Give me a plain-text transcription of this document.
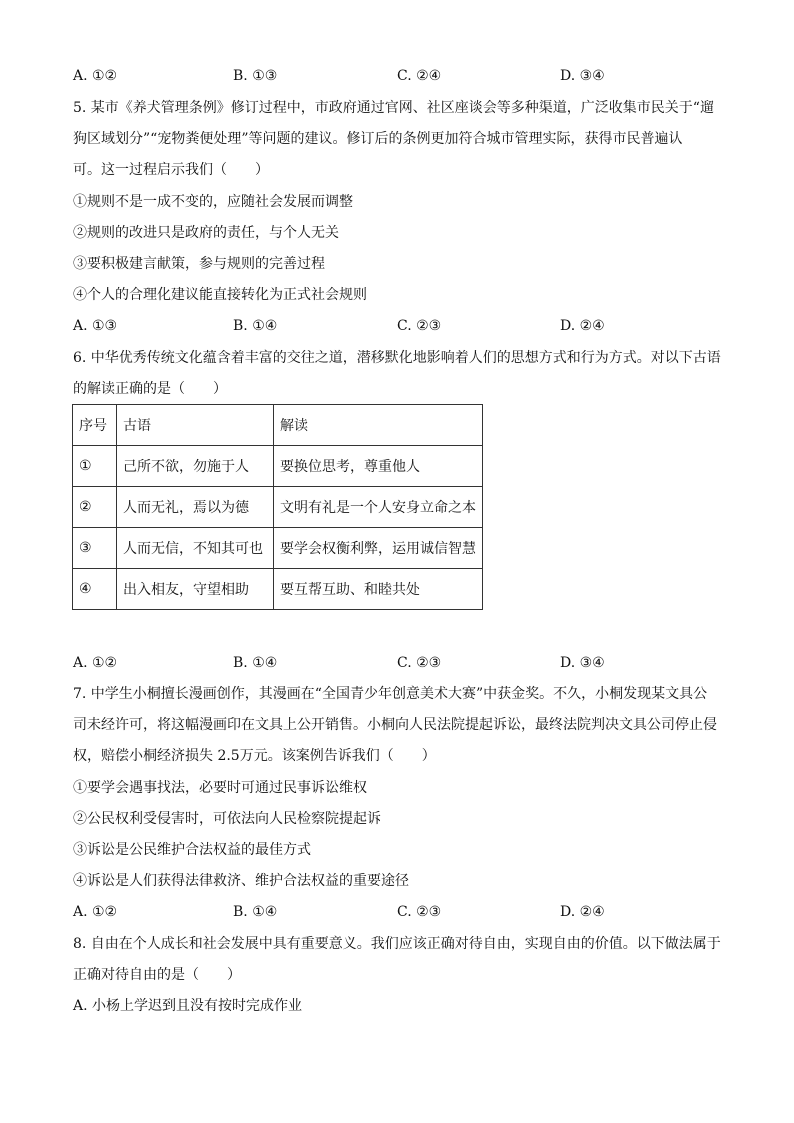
A. ①②	B. ①③	C. ②④	D. ③④
5. 某市《养犬管理条例》修订过程中，市政府通过官网、社区座谈会等多种渠道，广泛收集市民关于“遛
狗区域划分”“宠物粪便处理”等问题的建议。修订后的条例更加符合城市管理实际，获得市民普遍认
可。这一过程启示我们（　　）
①规则不是一成不变的，应随社会发展而调整
②规则的改进只是政府的责任，与个人无关
③要积极建言献策，参与规则的完善过程
④个人的合理化建议能直接转化为正式社会规则
A. ①③	B. ①④	C. ②③	D. ②④
6. 中华优秀传统文化蕴含着丰富的交往之道，潜移默化地影响着人们的思想方式和行为方式。对以下古语
的解读正确的是（　　）
序号	古语	解读
①	己所不欲，勿施于人	要换位思考，尊重他人
②	人而无礼，焉以为德	文明有礼是一个人安身立命之本
③	人而无信，不知其可也	要学会权衡利弊，运用诚信智慧
④	出入相友，守望相助	要互帮互助、和睦共处
A. ①②	B. ①④	C. ②③	D. ③④
7. 中学生小桐擅长漫画创作，其漫画在“全国青少年创意美术大赛”中获金奖。不久，小桐发现某文具公
司未经许可，将这幅漫画印在文具上公开销售。小桐向人民法院提起诉讼，最终法院判决文具公司停止侵
权，赔偿小桐经济损失 2.5万元。该案例告诉我们（　　）
①要学会遇事找法，必要时可通过民事诉讼维权
②公民权利受侵害时，可依法向人民检察院提起诉
③诉讼是公民维护合法权益的最佳方式
④诉讼是人们获得法律救济、维护合法权益的重要途径
A. ①②	B. ①④	C. ②③	D. ②④
8. 自由在个人成长和社会发展中具有重要意义。我们应该正确对待自由，实现自由的价值。以下做法属于
正确对待自由的是（　　）
A. 小杨上学迟到且没有按时完成作业
